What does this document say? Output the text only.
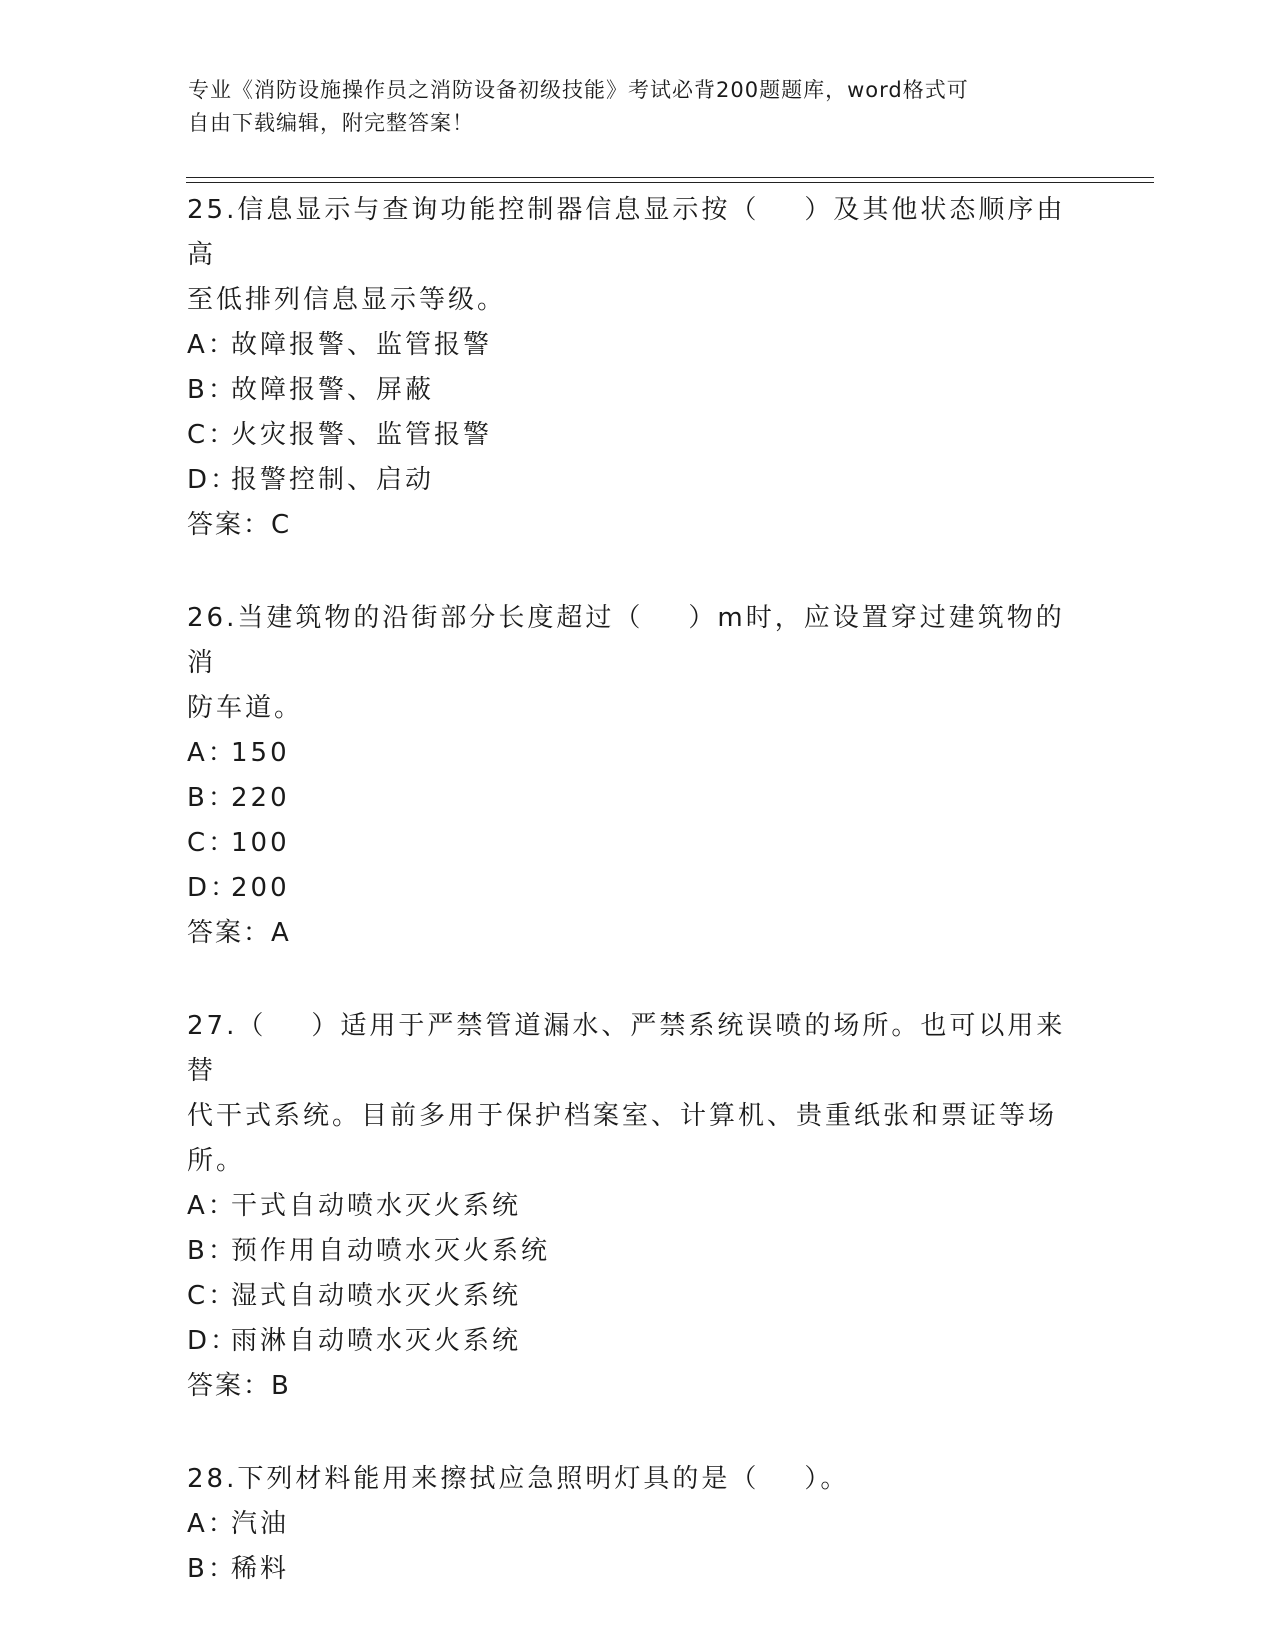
专业《消防设施操作员之消防设备初级技能》考试必背200题题库，word格式可
自由下载编辑，附完整答案！
25.信息显示与查询功能控制器信息显示按（    ）及其他状态顺序由高
至低排列信息显示等级。
A：故障报警、监管报警
B：故障报警、屏蔽
C：火灾报警、监管报警
D：报警控制、启动
答案：C
26.当建筑物的沿街部分长度超过（    ）m时，应设置穿过建筑物的消
防车道。
A：150
B：220
C：100
D：200
答案：A
27.（    ）适用于严禁管道漏水、严禁系统误喷的场所。也可以用来替
代干式系统。目前多用于保护档案室、计算机、贵重纸张和票证等场
所。
A：干式自动喷水灭火系统
B：预作用自动喷水灭火系统
C：湿式自动喷水灭火系统
D：雨淋自动喷水灭火系统
答案：B
28.下列材料能用来擦拭应急照明灯具的是（    ）。
A：汽油
B：稀料
